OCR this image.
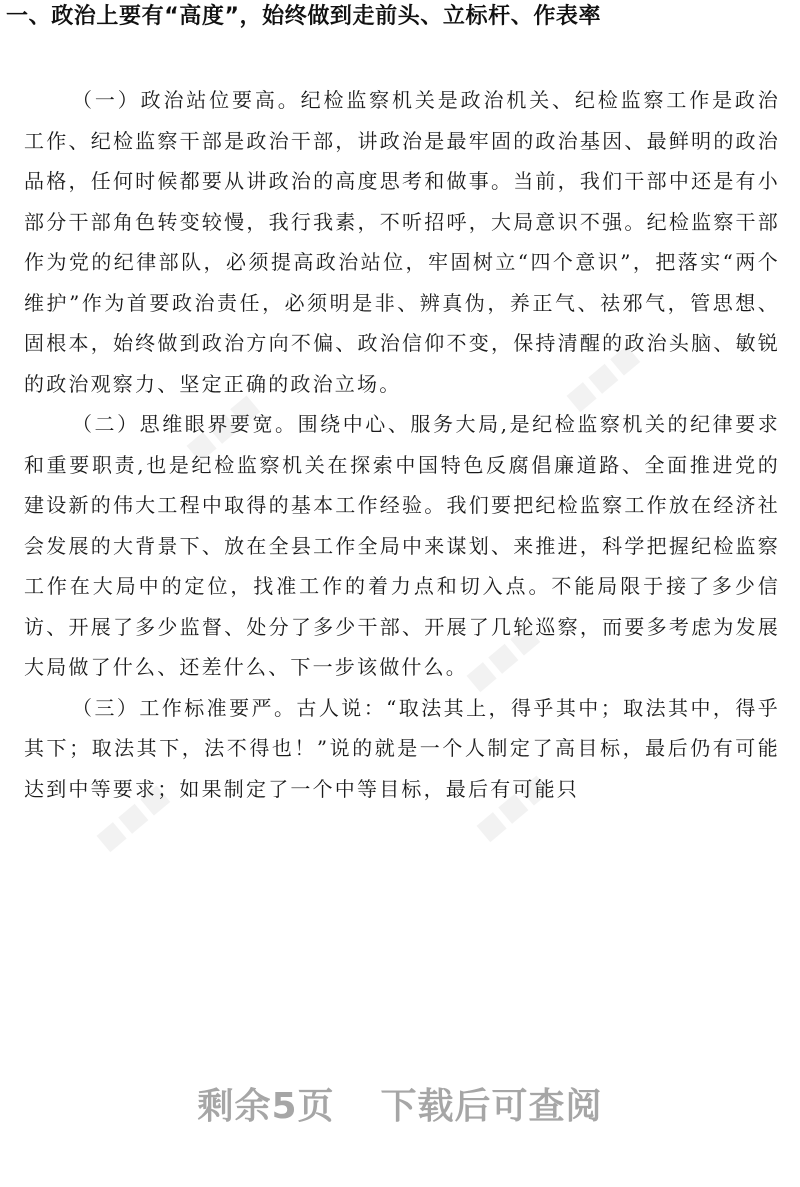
■■■
■■■
■■■
■■■	■■■
一、政治上要有“高度”，始终做到走前头、立标杆、作表率

（一）政治站位要高。纪检监察机关是政治机关、纪检监察工作是政治工作、纪检监察干部是政治干部，讲政治是最牢固的政治基因、最鲜明的政治品格，任何时候都要从讲政治的高度思考和做事。当前，我们干部中还是有小部分干部角色转变较慢，我行我素，不听招呼，大局意识不强。纪检监察干部作为党的纪律部队，必须提高政治站位，牢固树立“四个意识”，把落实“两个维护”作为首要政治责任，必须明是非、辨真伪，养正气、祛邪气，管思想、固根本，始终做到政治方向不偏、政治信仰不变，保持清醒的政治头脑、敏锐的政治观察力、坚定正确的政治立场。

（二）思维眼界要宽。围绕中心、服务大局,是纪检监察机关的纪律要求和重要职责,也是纪检监察机关在探索中国特色反腐倡廉道路、全面推进党的建设新的伟大工程中取得的基本工作经验。我们要把纪检监察工作放在经济社会发展的大背景下、放在全县工作全局中来谋划、来推进，科学把握纪检监察工作在大局中的定位，找准工作的着力点和切入点。不能局限于接了多少信访、开展了多少监督、处分了多少干部、开展了几轮巡察，而要多考虑为发展大局做了什么、还差什么、下一步该做什么。

（三）工作标准要严。古人说：“取法其上，得乎其中；取法其中，得乎其下；取法其下，法不得也！”说的就是一个人制定了高目标，最后仍有可能达到中等要求；如果制定了一个中等目标，最后有可能只

剩余5页 下载后可查阅
